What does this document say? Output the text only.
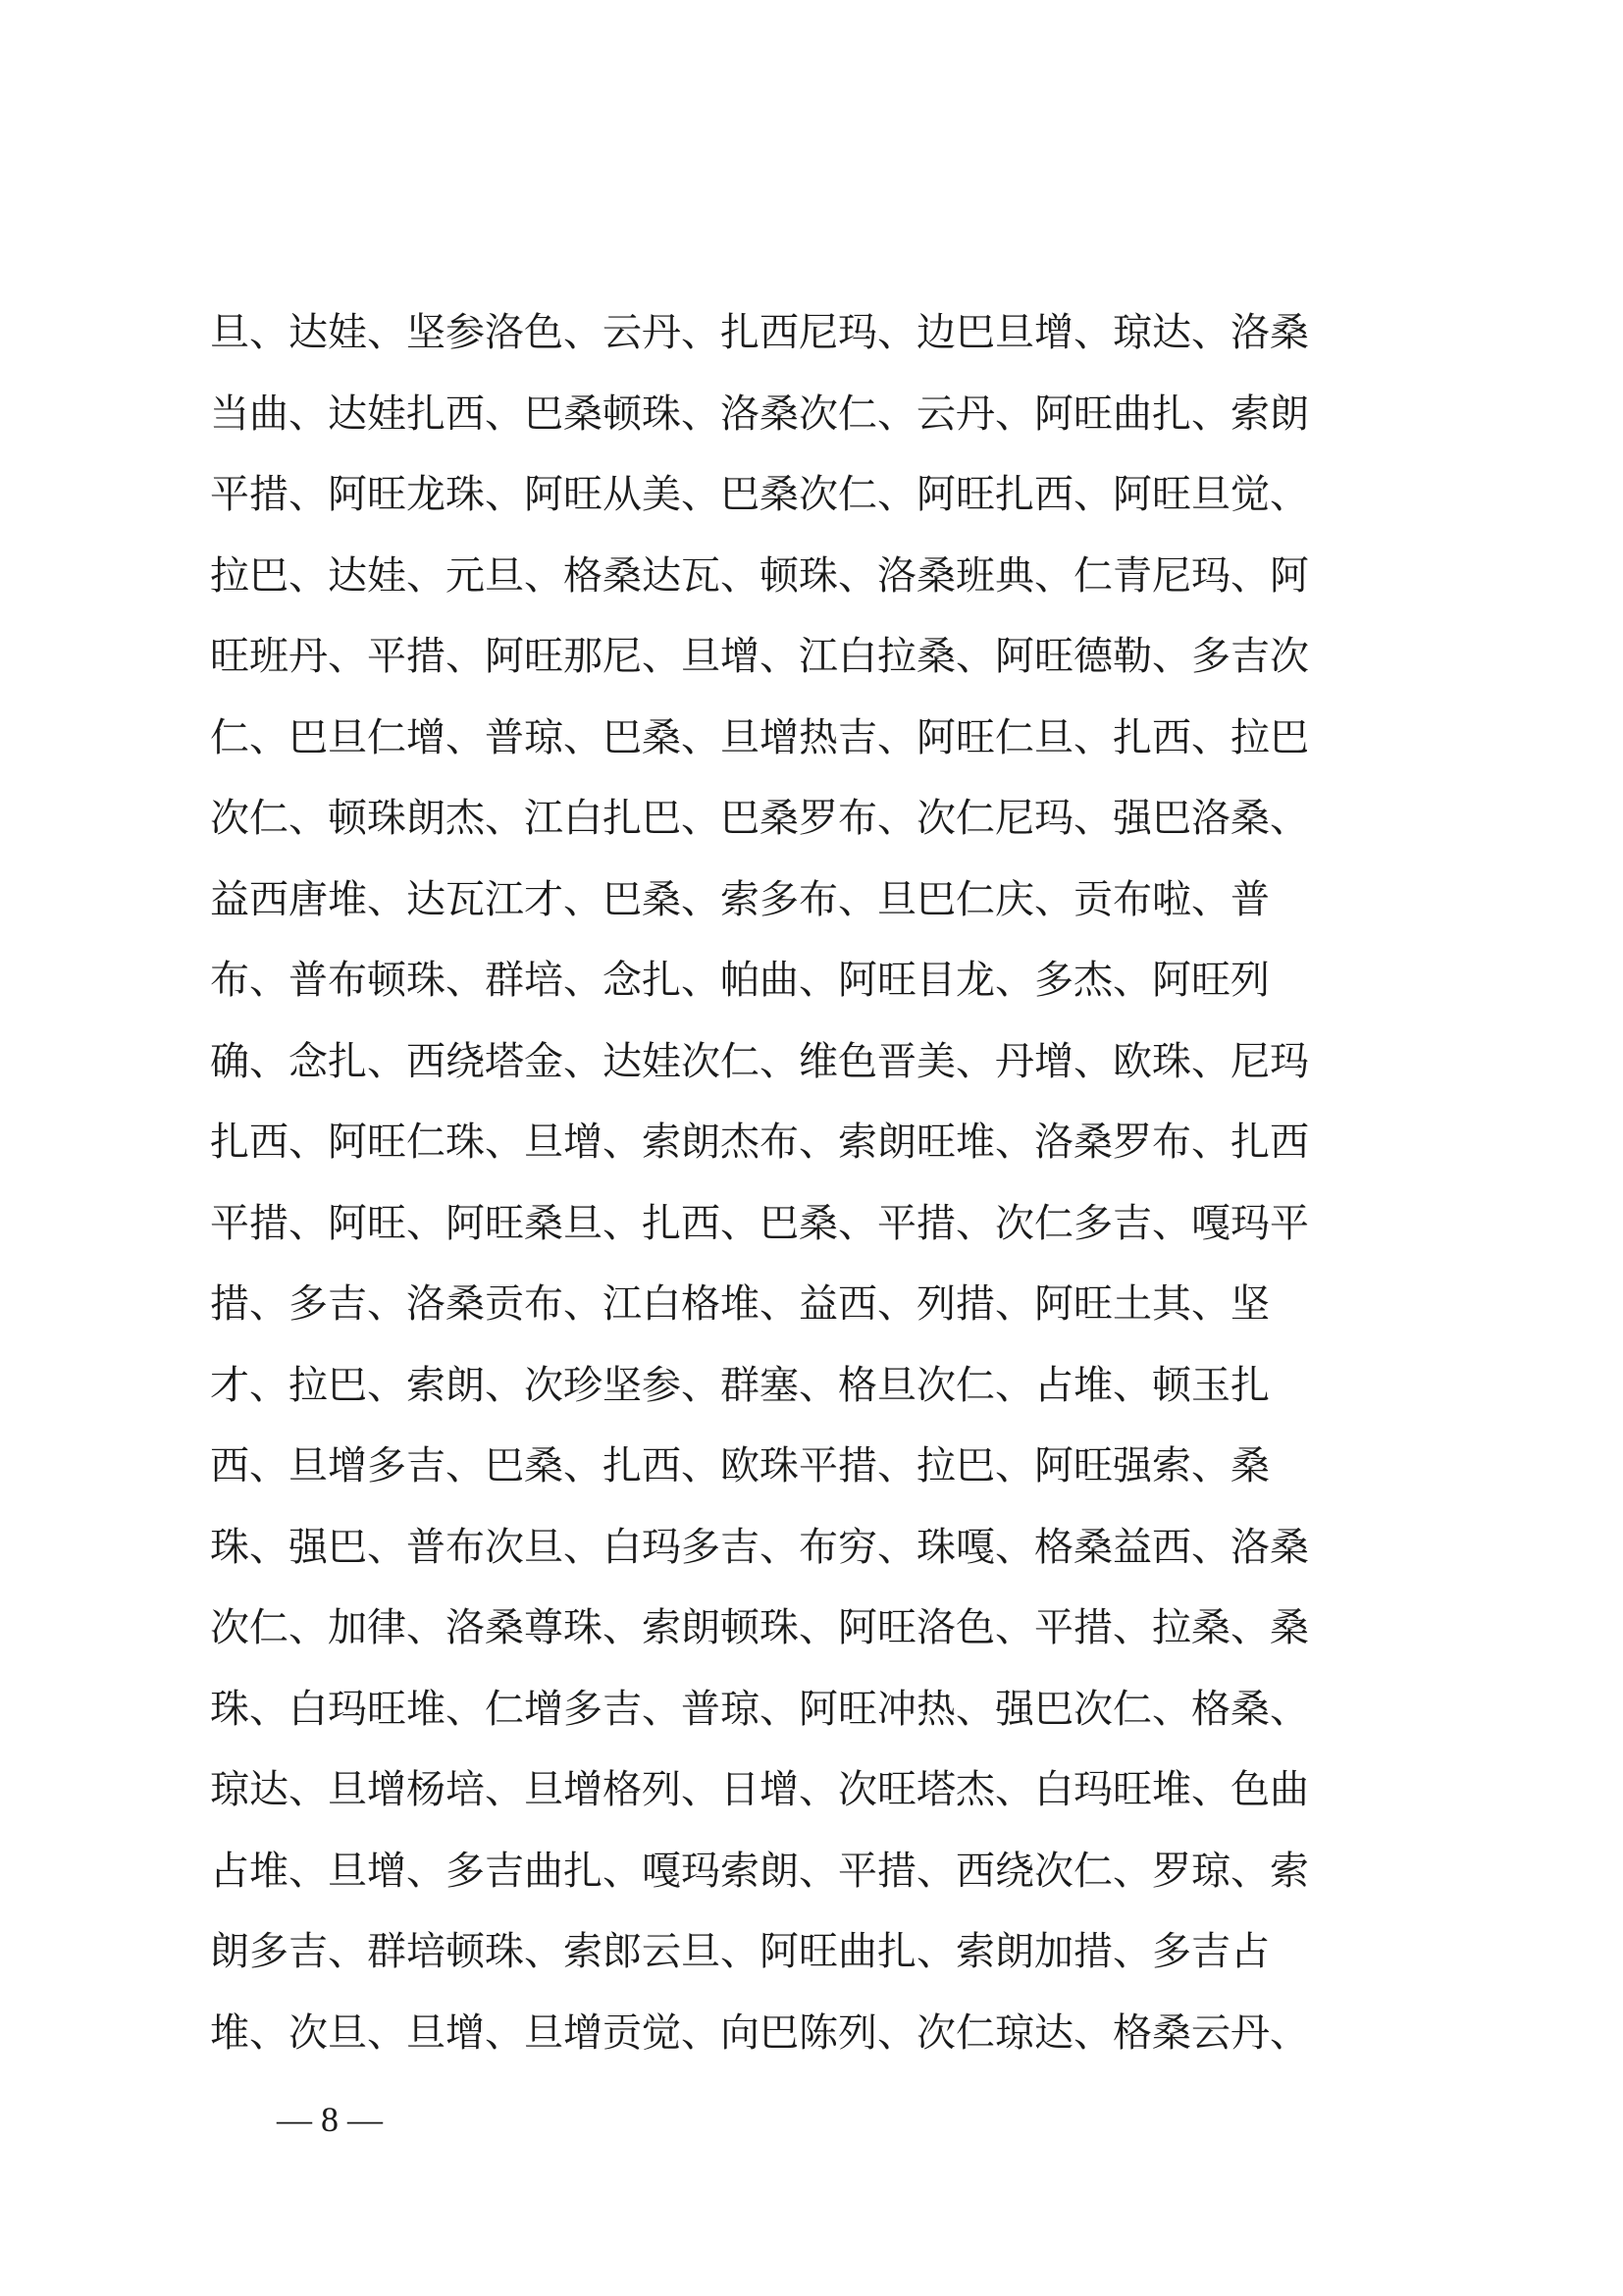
旦、达娃、坚参洛色、云丹、扎西尼玛、边巴旦增、琼达、洛桑
当曲、达娃扎西、巴桑顿珠、洛桑次仁、云丹、阿旺曲扎、索朗
平措、阿旺龙珠、阿旺从美、巴桑次仁、阿旺扎西、阿旺旦觉、
拉巴、达娃、元旦、格桑达瓦、顿珠、洛桑班典、仁青尼玛、阿
旺班丹、平措、阿旺那尼、旦增、江白拉桑、阿旺德勒、多吉次
仁、巴旦仁增、普琼、巴桑、旦增热吉、阿旺仁旦、扎西、拉巴
次仁、顿珠朗杰、江白扎巴、巴桑罗布、次仁尼玛、强巴洛桑、
益西唐堆、达瓦江才、巴桑、索多布、旦巴仁庆、贡布啦、普
布、普布顿珠、群培、念扎、帕曲、阿旺目龙、多杰、阿旺列
确、念扎、西绕塔金、达娃次仁、维色晋美、丹增、欧珠、尼玛
扎西、阿旺仁珠、旦增、索朗杰布、索朗旺堆、洛桑罗布、扎西
平措、阿旺、阿旺桑旦、扎西、巴桑、平措、次仁多吉、嘎玛平
措、多吉、洛桑贡布、江白格堆、益西、列措、阿旺土其、坚
才、拉巴、索朗、次珍坚参、群塞、格旦次仁、占堆、顿玉扎
西、旦增多吉、巴桑、扎西、欧珠平措、拉巴、阿旺强索、桑
珠、强巴、普布次旦、白玛多吉、布穷、珠嘎、格桑益西、洛桑
次仁、加律、洛桑尊珠、索朗顿珠、阿旺洛色、平措、拉桑、桑
珠、白玛旺堆、仁增多吉、普琼、阿旺冲热、强巴次仁、格桑、
琼达、旦增杨培、旦增格列、日增、次旺塔杰、白玛旺堆、色曲
占堆、旦增、多吉曲扎、嘎玛索朗、平措、西绕次仁、罗琼、索
朗多吉、群培顿珠、索郎云旦、阿旺曲扎、索朗加措、多吉占
堆、次旦、旦增、旦增贡觉、向巴陈列、次仁琼达、格桑云丹、
— 8 —
